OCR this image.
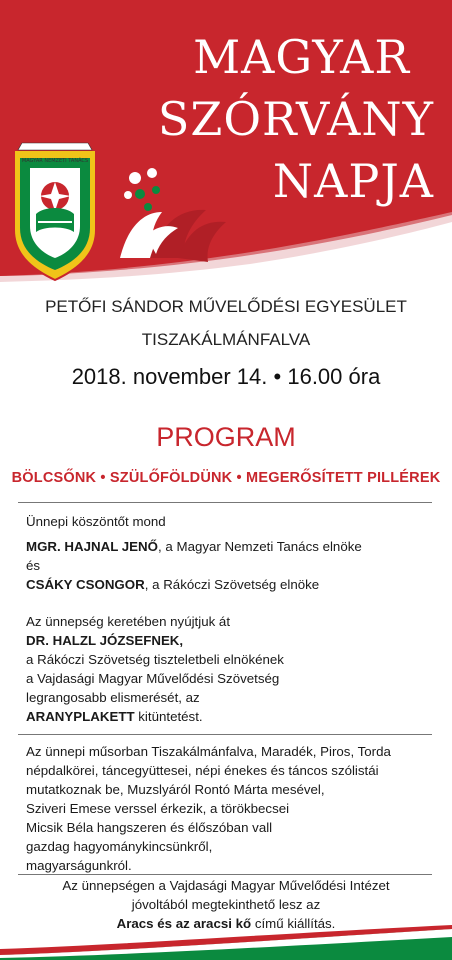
MAGYAR NEMZETI TANÁCS
MAGYAR
SZÓRVÁNY
NAPJA
PETŐFI SÁNDOR MŰVELŐDÉSI EGYESÜLET
TISZAKÁLMÁNFALVA
2018. november 14. • 16.00 óra
PROGRAM
BÖLCSŐNK • SZÜLŐFÖLDÜNK • MEGERŐSÍTETT PILLÉREK

Ünnepi köszöntőt mond

MGR. HAJNAL JENŐ, a Magyar Nemzeti Tanács elnöke

és

CSÁKY CSONGOR, a Rákóczi Szövetség elnöke

Az ünnepség keretében nyújtjuk át

DR. HALZL JÓZSEFNEK,

a Rákóczi Szövetség tiszteletbeli elnökének

a Vajdasági Magyar Művelődési Szövetség

legrangosabb elismerését, az

ARANYPLAKETT kitüntetést.

Az ünnepi műsorban Tiszakálmánfalva, Maradék, Piros, Torda

népdalkörei, táncegyüttesei, népi énekes és táncos szólistái

mutatkoznak be, Muzslyáról Rontó Márta mesével,

Sziveri Emese verssel érkezik, a törökbecsei

Micsik Béla hangszeren és élőszóban vall

gazdag hagyománykincsünkről,

magyarságunkról.

Az ünnepségen a Vajdasági Magyar Művelődési Intézet

jóvoltából megtekinthető lesz az

Aracs és az aracsi kő című kiállítás.
